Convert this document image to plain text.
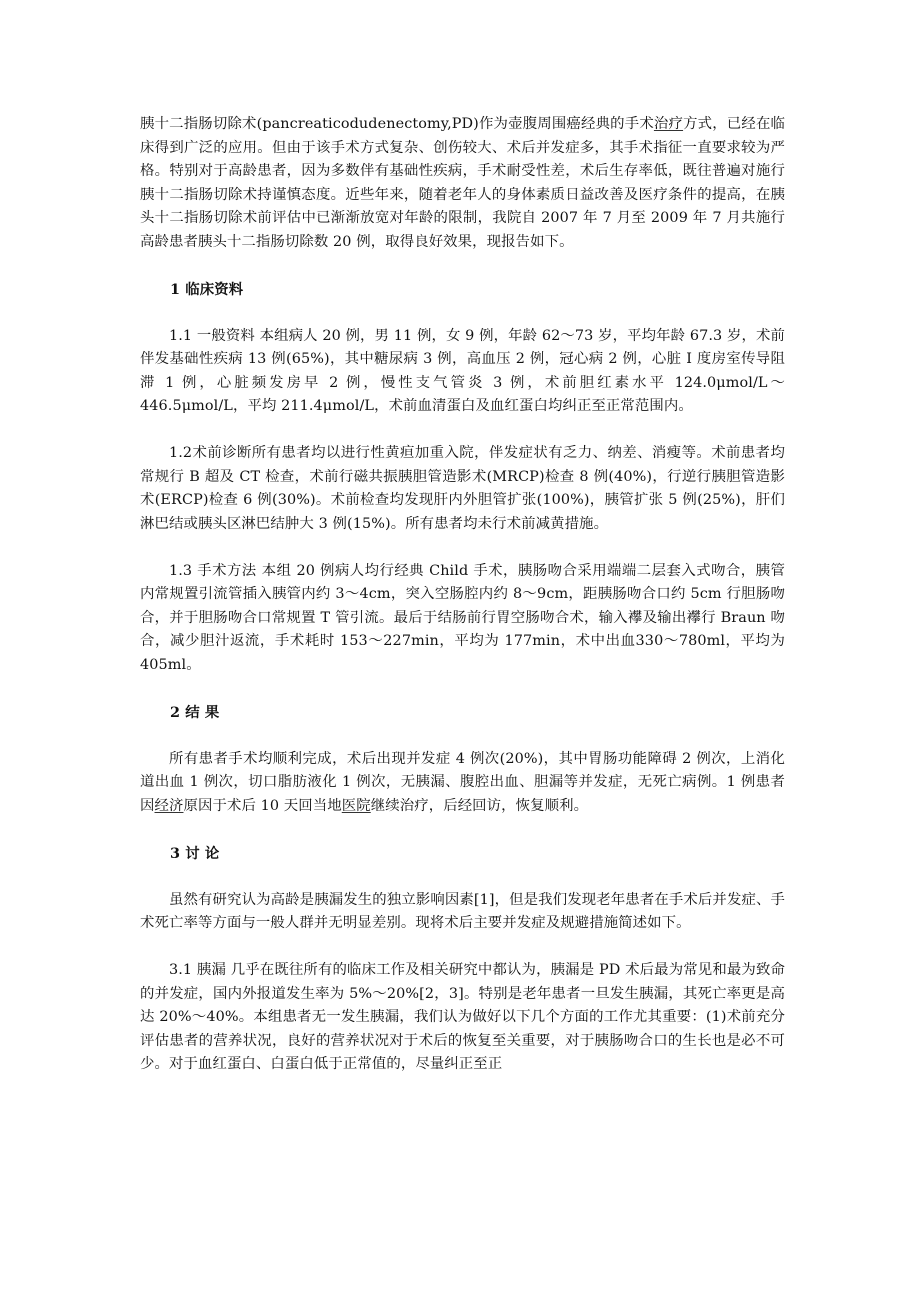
胰十二指肠切除术(pancreaticodudenectomy,PD)作为壶腹周围癌经典的手术治疗方式，已经在临床得到广泛的应用。但由于该手术方式复杂、创伤较大、术后并发症多，其手术指征一直要求较为严格。特别对于高龄患者，因为多数伴有基础性疾病，手术耐受性差，术后生存率低，既往普遍对施行胰十二指肠切除术持谨慎态度。近些年来，随着老年人的身体素质日益改善及医疗条件的提高，在胰头十二指肠切除术前评估中已渐渐放宽对年龄的限制，我院自 2007 年 7 月至 2009 年 7 月共施行高龄患者胰头十二指肠切除数 20 例，取得良好效果，现报告如下。

1 临床资料

1.1 一般资料 本组病人 20 例，男 11 例，女 9 例，年龄 62～73 岁，平均年龄 67.3 岁，术前伴发基础性疾病 13 例(65%)，其中糖尿病 3 例，高血压 2 例，冠心病 2 例，心脏 I 度房室传导阻滞 1 例，心脏频发房早 2 例，慢性支气管炎 3 例，术前胆红素水平 124.0μmol/L～446.5μmol/L，平均 211.4μmol/L，术前血清蛋白及血红蛋白均纠正至正常范围内。

1.2术前诊断所有患者均以进行性黄疸加重入院，伴发症状有乏力、纳差、消瘦等。术前患者均常规行 B 超及 CT 检查，术前行磁共振胰胆管造影术(MRCP)检查 8 例(40%)，行逆行胰胆管造影术(ERCP)检查 6 例(30%)。术前检查均发现肝内外胆管扩张(100%)，胰管扩张 5 例(25%)，肝们淋巴结或胰头区淋巴结肿大 3 例(15%)。所有患者均未行术前减黄措施。

1.3 手术方法 本组 20 例病人均行经典 Child 手术，胰肠吻合采用端端二层套入式吻合，胰管内常规置引流管插入胰管内约 3～4cm，突入空肠腔内约 8～9cm，距胰肠吻合口约 5cm 行胆肠吻合，并于胆肠吻合口常规置 T 管引流。最后于结肠前行胃空肠吻合术，输入襻及输出襻行 Braun 吻合，减少胆汁返流，手术耗时 153～227min，平均为 177min，术中出血330～780ml，平均为 405ml。

2 结 果

所有患者手术均顺利完成，术后出现并发症 4 例次(20%)，其中胃肠功能障碍 2 例次，上消化道出血 1 例次，切口脂肪液化 1 例次，无胰漏、腹腔出血、胆漏等并发症，无死亡病例。1 例患者因经济原因于术后 10 天回当地医院继续治疗，后经回访，恢复顺利。

3 讨 论

虽然有研究认为高龄是胰漏发生的独立影响因素[1]，但是我们发现老年患者在手术后并发症、手术死亡率等方面与一般人群并无明显差别。现将术后主要并发症及规避措施简述如下。

3.1 胰漏 几乎在既往所有的临床工作及相关研究中都认为，胰漏是 PD 术后最为常见和最为致命的并发症，国内外报道发生率为 5%～20%[2，3]。特别是老年患者一旦发生胰漏，其死亡率更是高达 20%～40%。本组患者无一发生胰漏，我们认为做好以下几个方面的工作尤其重要：(1)术前充分评估患者的营养状况，良好的营养状况对于术后的恢复至关重要，对于胰肠吻合口的生长也是必不可少。对于血红蛋白、白蛋白低于正常值的，尽量纠正至正
